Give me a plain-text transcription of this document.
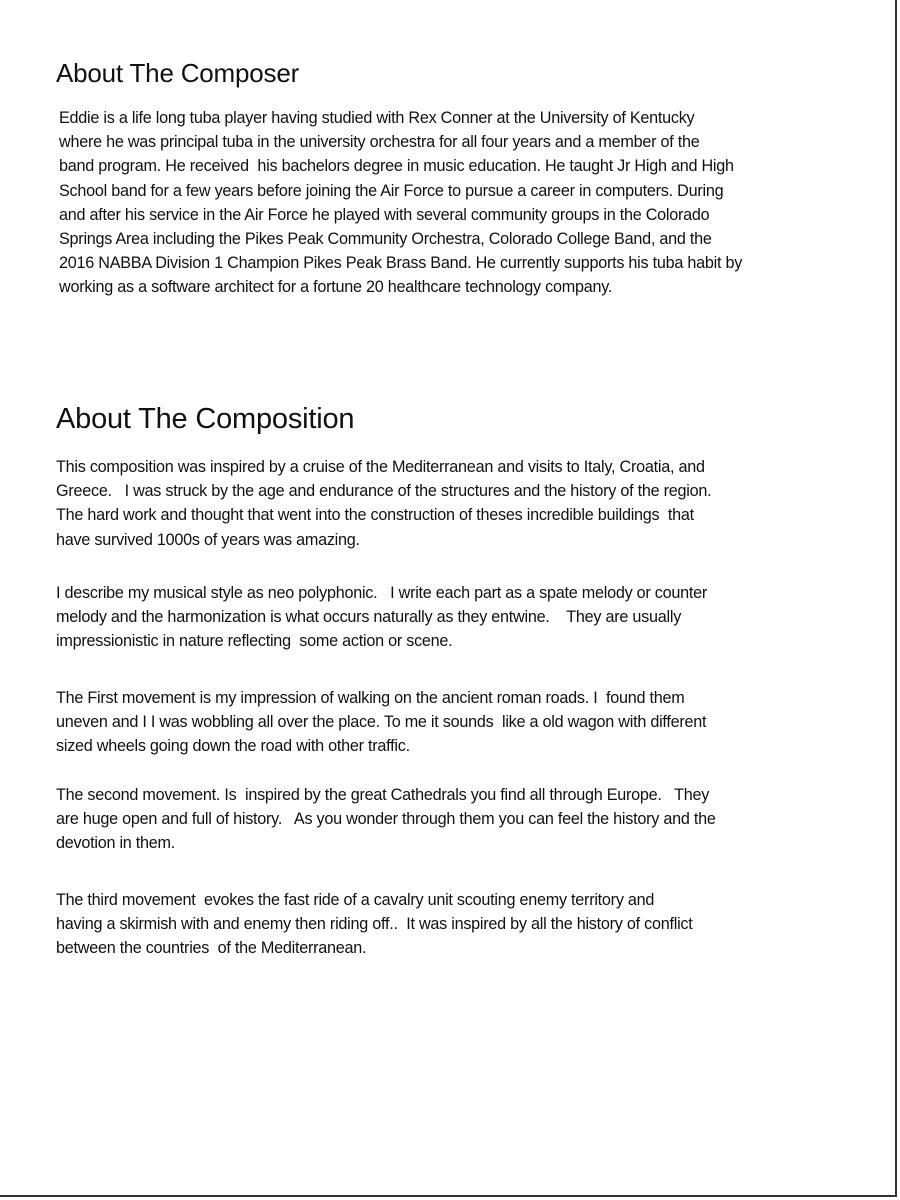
About The Composer

Eddie is a life long tuba player having studied with Rex Conner at the University of Kentucky
where he was principal tuba in the university orchestra for all four years and a member of the
band program. He received  his bachelors degree in music education. He taught Jr High and High
School band for a few years before joining the Air Force to pursue a career in computers. During
and after his service in the Air Force he played with several community groups in the Colorado
Springs Area including the Pikes Peak Community Orchestra, Colorado College Band, and the
2016 NABBA Division 1 Champion Pikes Peak Brass Band. He currently supports his tuba habit by
working as a software architect for a fortune 20 healthcare technology company.

About The Composition

This composition was inspired by a cruise of the Mediterranean and visits to Italy, Croatia, and
Greece.   I was struck by the age and endurance of the structures and the history of the region.
The hard work and thought that went into the construction of theses incredible buildings  that
have survived 1000s of years was amazing.

I describe my musical style as neo polyphonic.   I write each part as a spate melody or counter
melody and the harmonization is what occurs naturally as they entwine.    They are usually
impressionistic in nature reflecting  some action or scene.

The First movement is my impression of walking on the ancient roman roads. I  found them
uneven and I I was wobbling all over the place. To me it sounds  like a old wagon with different
sized wheels going down the road with other traffic.

The second movement. Is  inspired by the great Cathedrals you find all through Europe.   They
are huge open and full of history.   As you wonder through them you can feel the history and the
devotion in them.

The third movement  evokes the fast ride of a cavalry unit scouting enemy territory and
having a skirmish with and enemy then riding off..  It was inspired by all the history of conflict
between the countries  of the Mediterranean.
